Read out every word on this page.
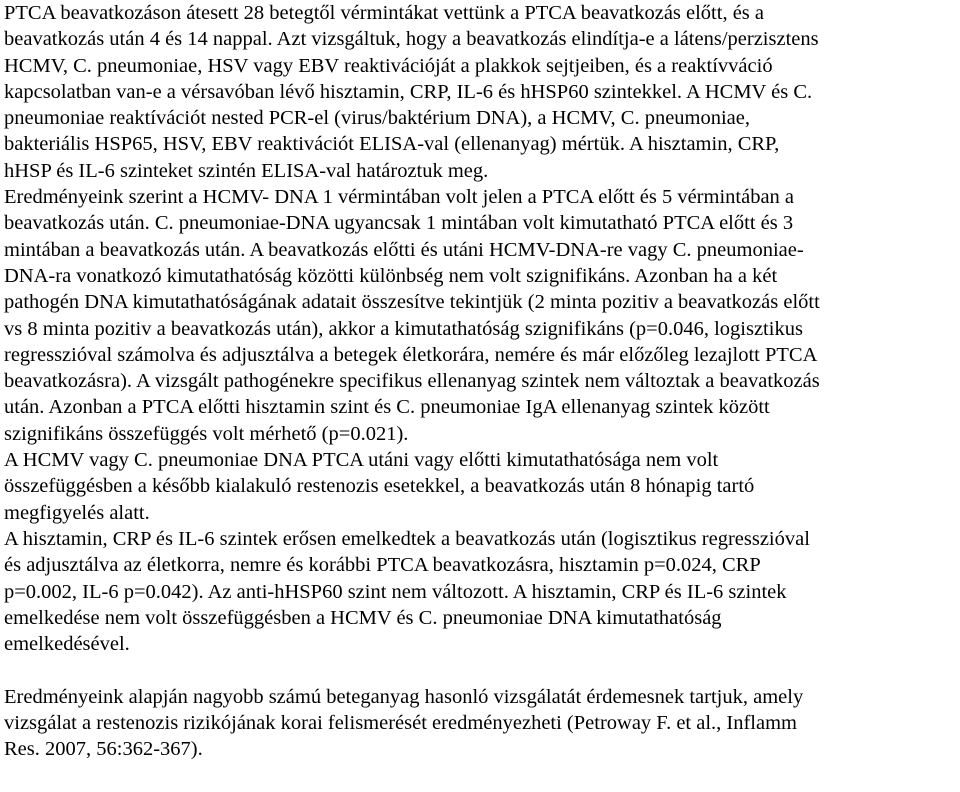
PTCA beavatkozáson átesett 28 betegtől vérmintákat vettünk a PTCA beavatkozás előtt, és a
beavatkozás után 4 és 14 nappal. Azt vizsgáltuk, hogy a beavatkozás elindítja-e a látens/perzisztens
HCMV, C. pneumoniae, HSV vagy EBV reaktivációját a plakkok sejtjeiben, és a reaktívváció
kapcsolatban van-e a vérsavóban lévő hisztamin, CRP, IL-6 és hHSP60 szintekkel. A HCMV és C.
pneumoniae reaktívációt nested PCR-el (virus/baktérium DNA), a HCMV, C. pneumoniae,
bakteriális HSP65, HSV, EBV reaktivációt ELISA-val (ellenanyag) mértük. A hisztamin, CRP,
hHSP és IL-6 szinteket szintén ELISA-val határoztuk meg.
Eredményeink szerint a HCMV- DNA 1 vérmintában volt jelen a PTCA előtt és 5 vérmintában a
beavatkozás után. C. pneumoniae-DNA ugyancsak 1 mintában volt kimutatható PTCA előtt és 3
mintában a beavatkozás után. A beavatkozás előtti és utáni HCMV-DNA-re vagy C. pneumoniae-
DNA-ra vonatkozó kimutathatóság közötti különbség nem volt szignifikáns. Azonban ha a két
pathogén DNA kimutathatóságának adatait összesítve tekintjük (2 minta pozitiv a beavatkozás előtt
vs 8 minta pozitiv a beavatkozás után), akkor a kimutathatóság szignifikáns (p=0.046, logisztikus
regresszióval számolva és adjusztálva a betegek életkorára, nemére és már előzőleg lezajlott PTCA
beavatkozásra). A vizsgált pathogénekre specifikus ellenanyag szintek nem változtak a beavatkozás
után. Azonban a PTCA előtti hisztamin szint és C. pneumoniae IgA ellenanyag szintek között
szignifikáns összefüggés volt mérhető (p=0.021).
A HCMV vagy C. pneumoniae DNA PTCA utáni vagy előtti kimutathatósága nem volt
összefüggésben a később kialakuló restenozis esetekkel, a beavatkozás után 8 hónapig tartó
megfigyelés alatt.
A hisztamin, CRP és IL-6 szintek erősen emelkedtek a beavatkozás után (logisztikus regresszióval
és adjusztálva az életkorra, nemre és korábbi PTCA beavatkozásra, hisztamin p=0.024, CRP
p=0.002, IL-6 p=0.042). Az anti-hHSP60 szint nem változott. A hisztamin, CRP és IL-6 szintek
emelkedése nem volt összefüggésben a HCMV és C. pneumoniae DNA kimutathatóság
emelkedésével.
Eredményeink alapján nagyobb számú beteganyag hasonló vizsgálatát érdemesnek tartjuk, amely
vizsgálat a restenozis rizikójának korai felismerését eredményezheti (Petroway F. et al., Inflamm
Res. 2007, 56:362-367).
